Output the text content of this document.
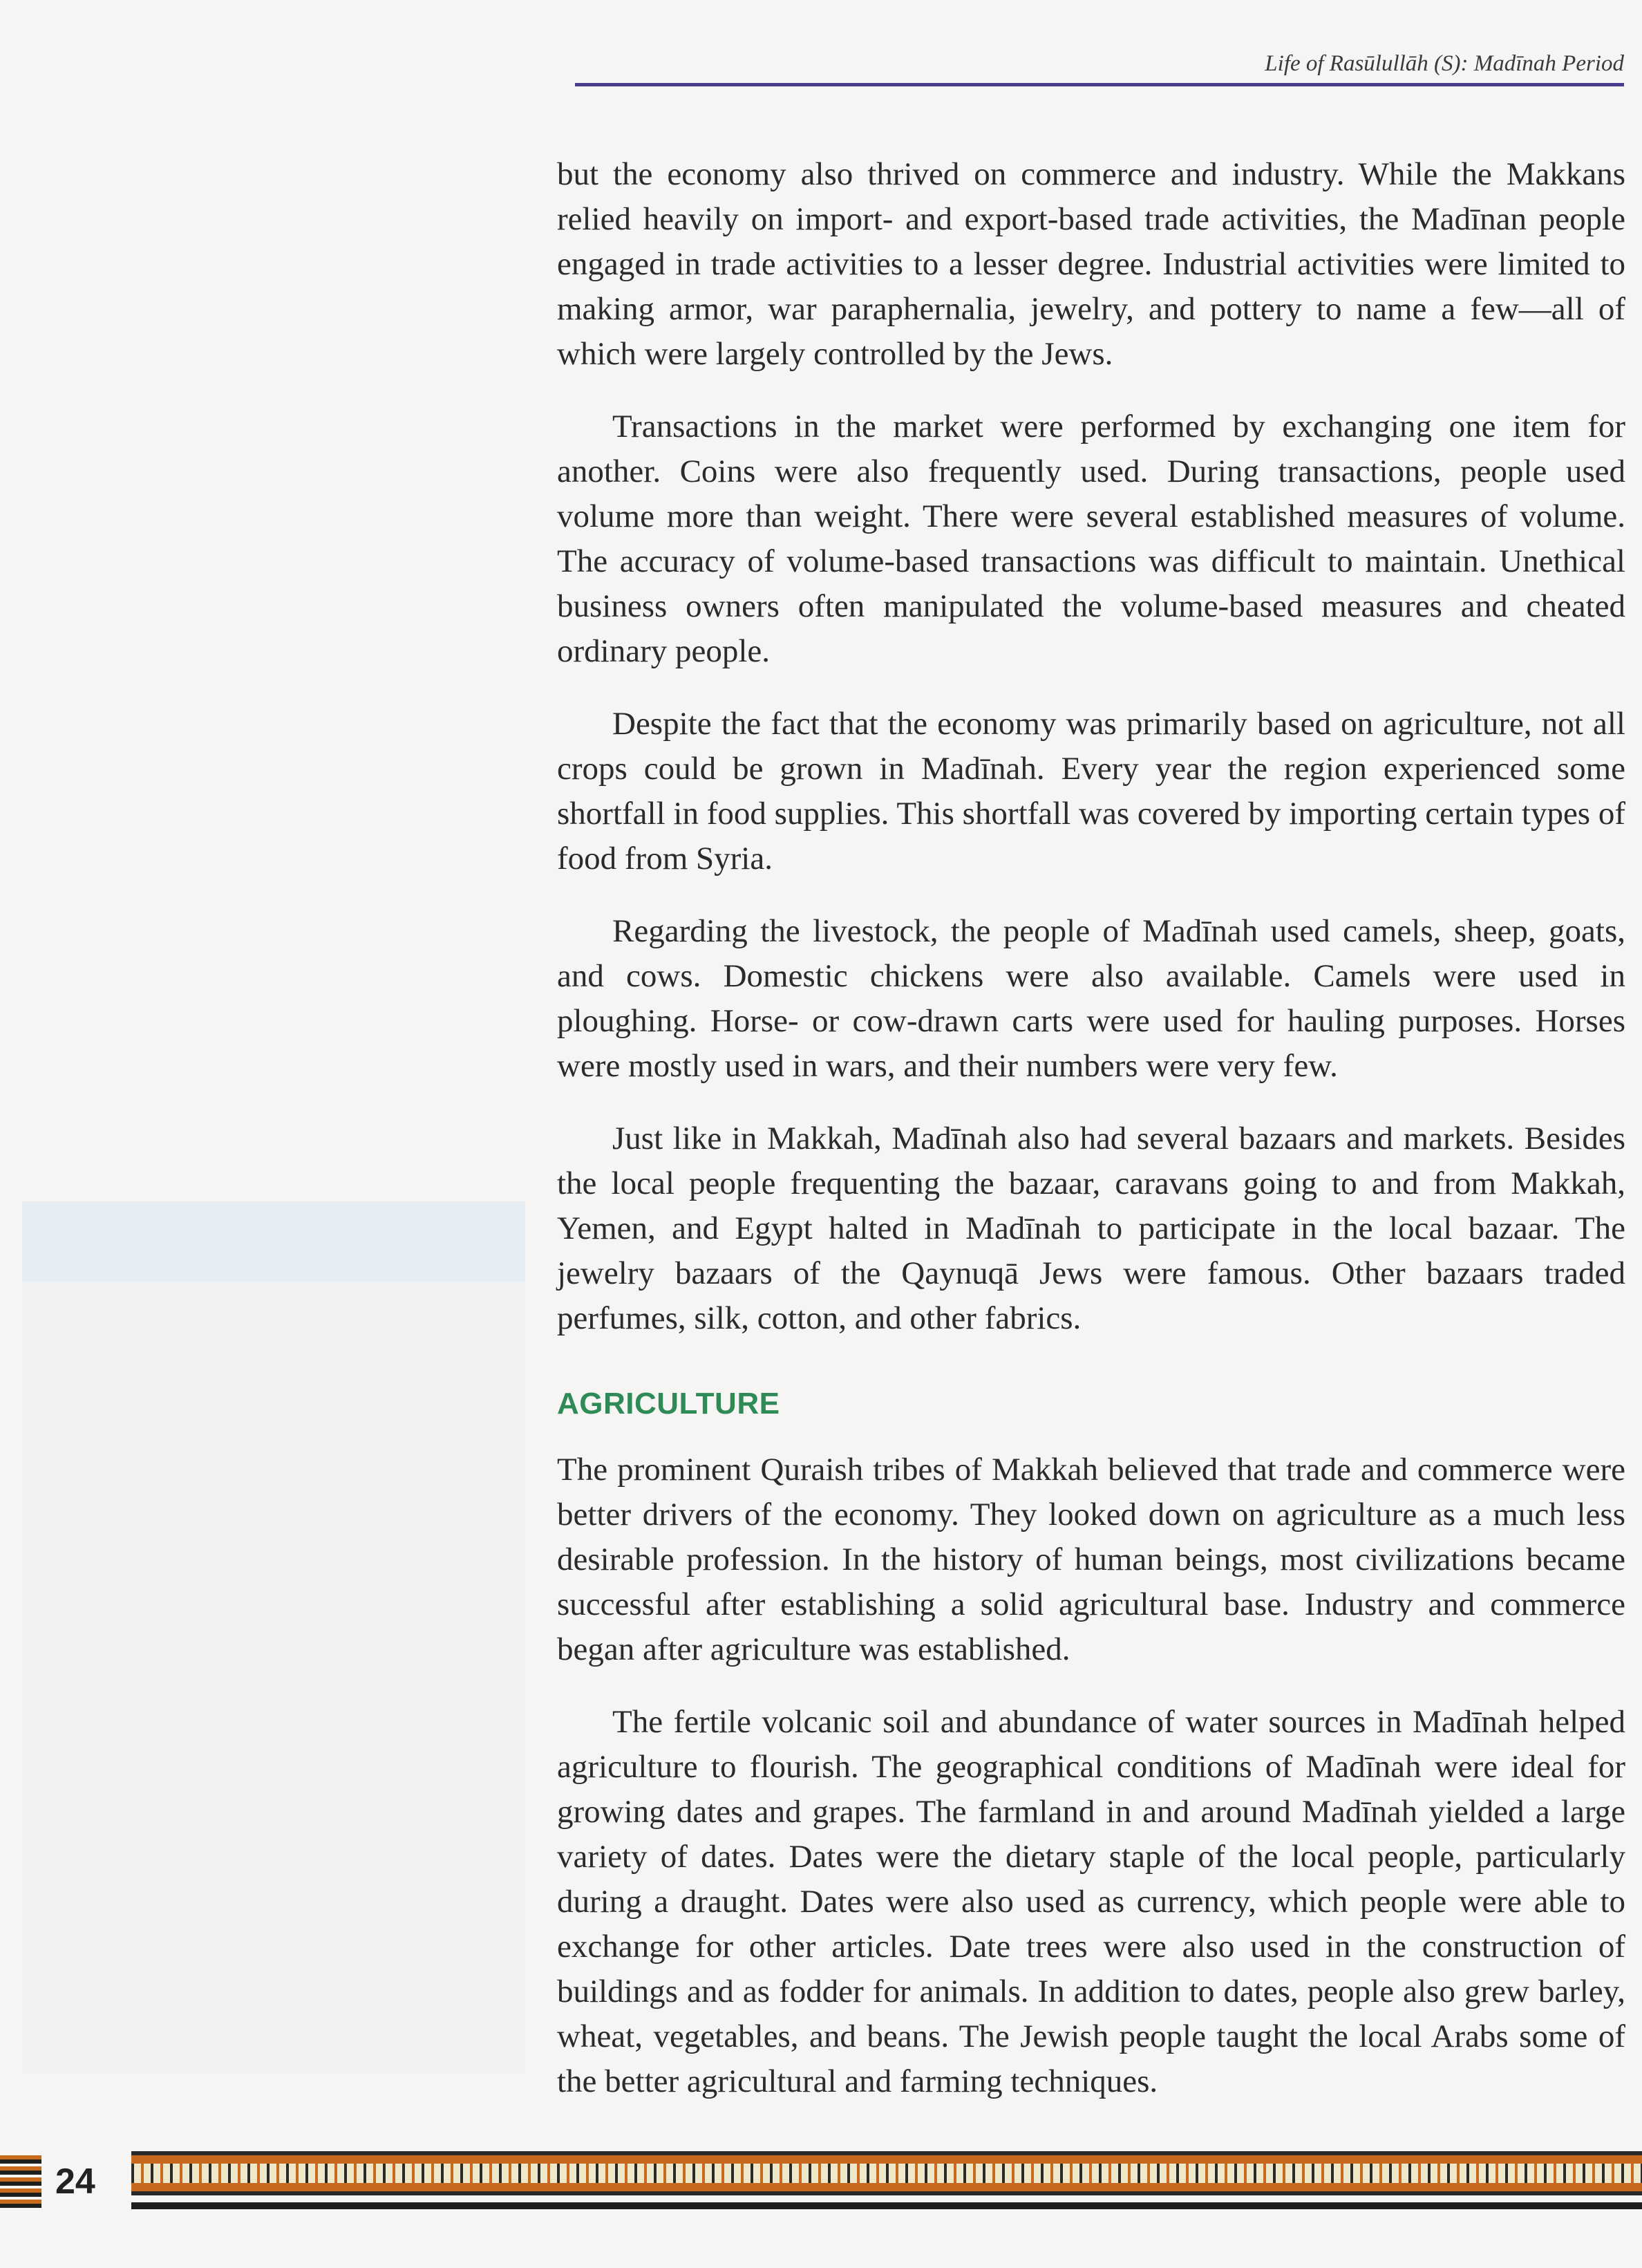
Life of Rasūlullāh (S): Madīnah Period

but the economy also thrived on commerce and industry. While the Makkans relied heavily on import- and export-based trade activities, the Madīnan people engaged in trade activities to a lesser degree. Industrial activities were limited to making armor, war paraphernalia, jewelry, and pottery to name a few—all of which were largely controlled by the Jews.

Transactions in the market were performed by exchanging one item for another. Coins were also frequently used. During transactions, people used volume more than weight. There were several established measures of volume. The accuracy of volume-based transactions was difficult to maintain. Unethical business owners often manipulated the volume-based measures and cheated ordinary people.

Despite the fact that the economy was primarily based on agriculture, not all crops could be grown in Madīnah. Every year the region experienced some shortfall in food supplies. This shortfall was covered by importing certain types of food from Syria.

Regarding the livestock, the people of Madīnah used camels, sheep, goats, and cows. Domestic chickens were also available. Camels were used in ploughing. Horse- or cow-drawn carts were used for hauling purposes. Horses were mostly used in wars, and their numbers were very few.

Just like in Makkah, Madīnah also had several bazaars and markets. Besides the local people frequenting the bazaar, caravans going to and from Makkah, Yemen, and Egypt halted in Madīnah to participate in the local bazaar. The jewelry bazaars of the Qaynuqā Jews were famous. Other bazaars traded perfumes, silk, cotton, and other fabrics.

AGRICULTURE

The prominent Quraish tribes of Makkah believed that trade and commerce were better drivers of the economy. They looked down on agriculture as a much less desirable profession. In the history of human beings, most civilizations became successful after establishing a solid agricultural base. Industry and commerce began after agriculture was established.

The fertile volcanic soil and abundance of water sources in Madīnah helped agriculture to flourish. The geographical conditions of Madīnah were ideal for growing dates and grapes. The farmland in and around Madīnah yielded a large variety of dates. Dates were the dietary staple of the local people, particularly during a draught. Dates were also used as currency, which people were able to exchange for other articles. Date trees were also used in the construction of buildings and as fodder for animals. In addition to dates, people also grew barley, wheat, vegetables, and beans. The Jewish people taught the local Arabs some of the better agricultural and farming techniques.

24
